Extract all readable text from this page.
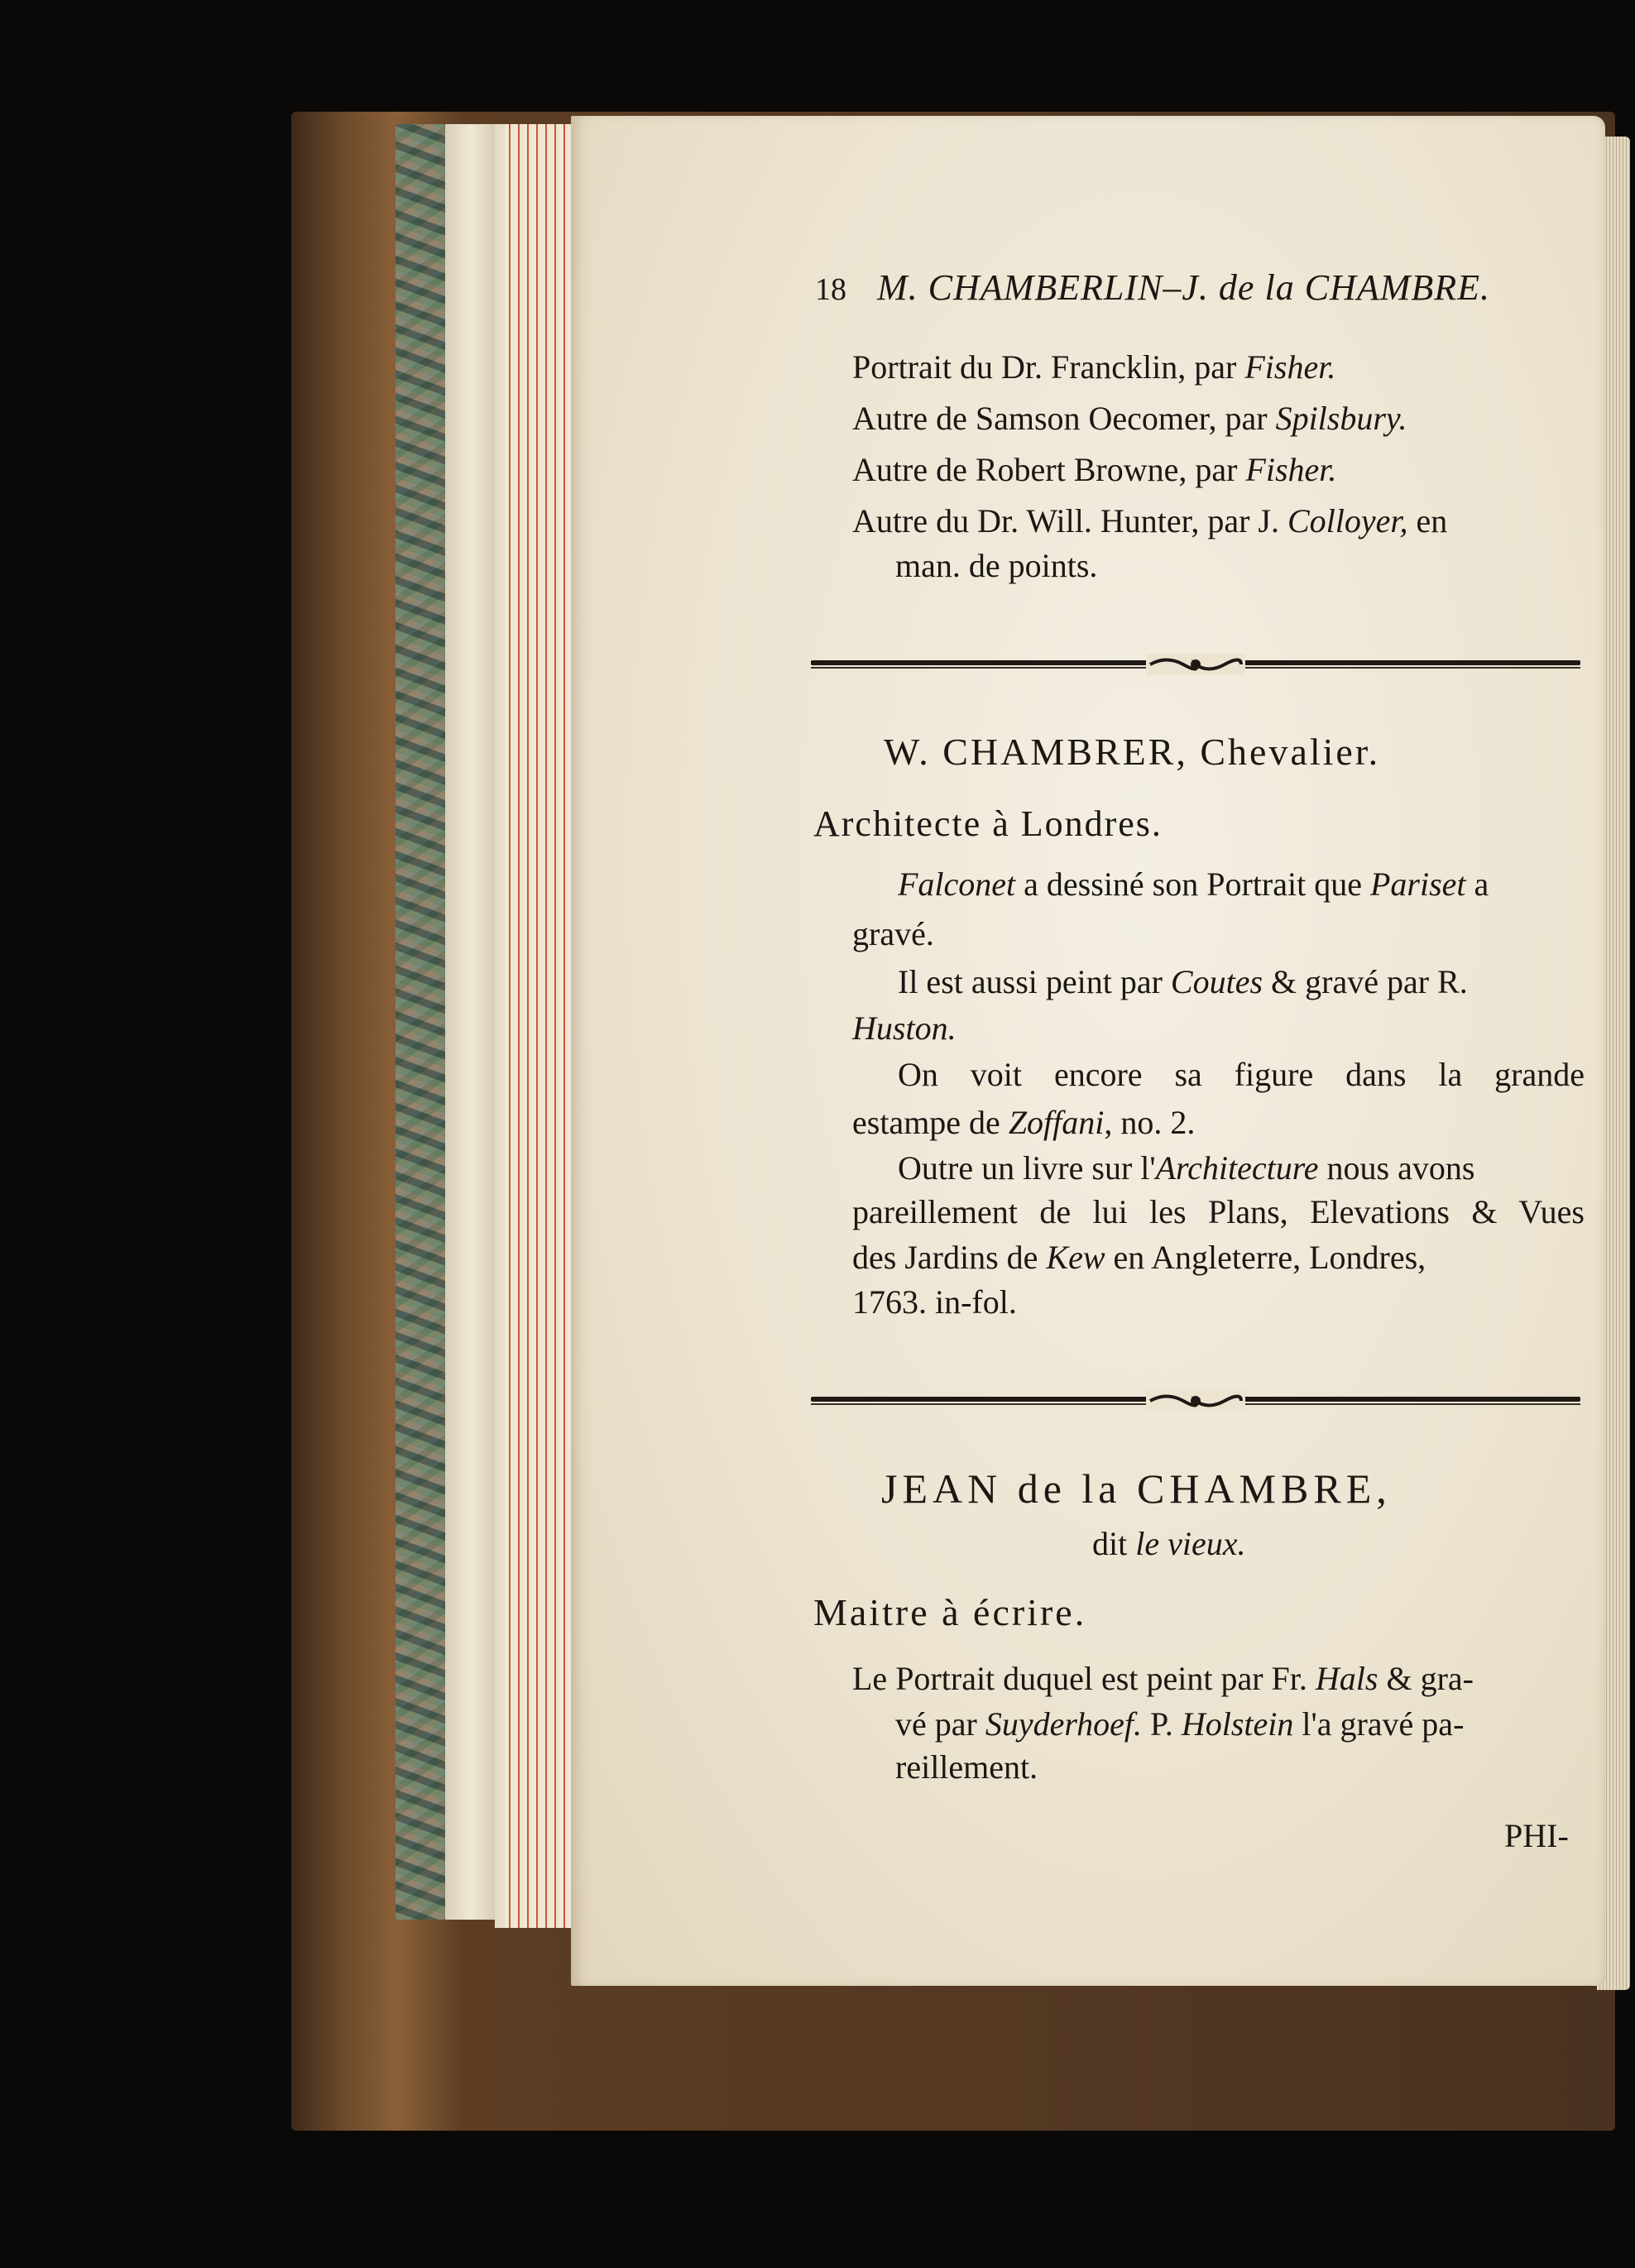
18 M. CHAMBERLIN–J. de la CHAMBRE.
Portrait du Dr. Francklin, par Fisher.
Autre de Samson Oecomer, par Spilsbury.
Autre de Robert Browne, par Fisher.
Autre du Dr. Will. Hunter, par J. Colloyer, en
man. de points.
W. CHAMBRER, Chevalier.
Architecte à Londres.
Falconet a dessiné son Portrait que Pariset a
gravé.
Il est aussi peint par Coutes & gravé par R.
Huston.
On voit encore sa figure dans la grande
estampe de Zoffani, no. 2.
Outre un livre sur l'Architecture nous avons
pareillement de lui les Plans, Elevations & Vues
des Jardins de Kew en Angleterre, Londres,
1763. in-fol.
JEAN de la CHAMBRE,
dit le vieux.
Maitre à écrire.
Le Portrait duquel est peint par Fr. Hals & gra-
vé par Suyderhoef. P. Holstein l'a gravé pa-
reillement.
PHI-
